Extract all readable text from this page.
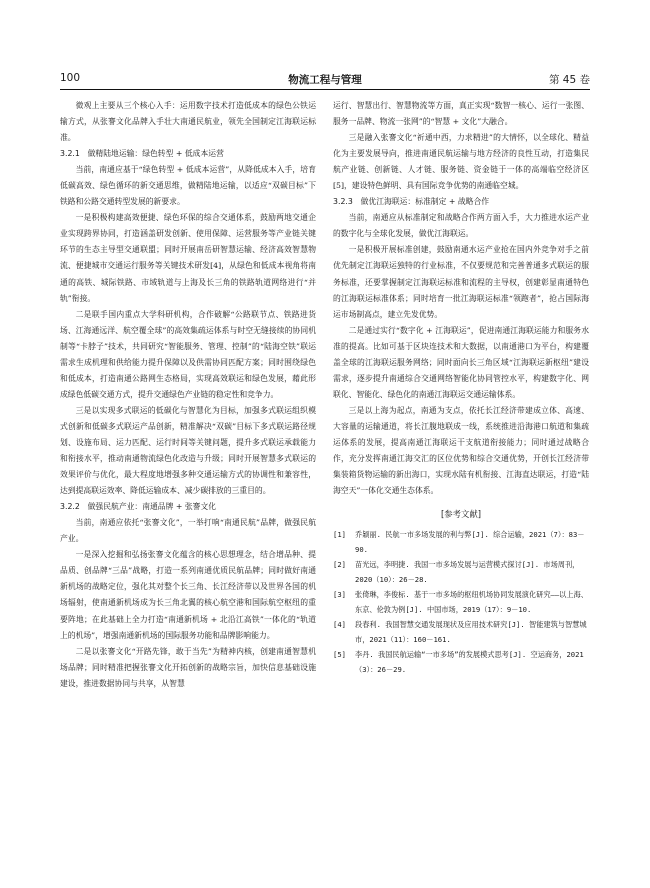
100	物流工程与管理	第 45 卷

微观上主要从三个核心入手：运用数字技术打造低成本的绿色公铁运输方式，从张謇文化品牌入手壮大南通民航业，领先全国制定江海联运标准。

3.2.1　做精陆地运输：绿色转型 + 低成本运营

当前，南通应基于“绿色转型 + 低成本运营”，从降低成本入手，培育低碳高效、绿色循环的新交通思维，做精陆地运输，以适应“双碳目标”下铁路和公路交通转型发展的新要求。

一是积极构建高效便捷、绿色环保的综合交通体系，鼓励两地交通企业实现跨界协同，打造涵盖研发创新、使用保障、运营服务等产业链关键环节的生态主导型交通联盟；同时开展南岳研智慧运输、经济高效智慧物流、便捷城市交通运行服务等关键技术研发[4]，从绿色和低成本视角将南通的高铁、城际铁路、市域轨道与上海及长三角的铁路轨道网络进行“并轨”衔接。

二是联手国内重点大学科研机构，合作破解“公路联节点、铁路进货场、江海通远洋、航空覆全球”的高效集疏运体系与时空无缝接续的协同机制等“卡脖子”技术，共同研究“智能服务、管理、控制”的“陆海空铁”联运需求生成机理和供给能力提升保障以及供需协同匹配方案；同时围绕绿色和低成本，打造南通公路网生态格局，实现高效联运和绿色发展，藉此形成绿色低碳交通方式，提升交通绿色产业链的稳定性和竞争力。

三是以实现多式联运的低碳化与智慧化为目标，加强多式联运组织模式创新和低碳多式联运产品创新，精准解决“双碳”目标下多式联运路径规划、设施布局、运力匹配、运行时间等关键问题，提升多式联运承载能力和衔接水平，推动南通物流绿色化改造与升级；同时开展智慧多式联运的效果评价与优化，最大程度地增强多种交通运输方式的协调性和兼容性，达到提高联运效率、降低运输成本、减少碳排放的三重目的。

3.2.2　做强民航产业：南通品牌 + 张謇文化

当前，南通应依托“张謇文化”，一举打响“南通民航”品牌，做强民航产业。

一是深入挖掘和弘扬张謇文化蕴含的核心思想理念，结合增品种、提品质、创品牌“三品”战略，打造一系列南通优质民航品牌；同时做好南通新机场的战略定位，强化其对整个长三角、长江经济带以及世界各国的机场辐射，使南通新机场成为长三角北翼的核心航空港和国际航空枢纽的重要阵地；在此基础上全力打造“南通新机场 + 北沿江高铁”一体化的“轨道上的机场”，增强南通新机场的国际服务功能和品牌影响能力。

二是以张謇文化“开路先锋，敢于当先”为精神内核，创建南通智慧机场品牌；同时精准把握张謇文化开拓创新的战略宗旨，加快信息基础设施建设，推进数据协同与共享，从智慧

运行、智慧出行、智慧物流等方面，真正实现“数智一核心、运行一张图、服务一品牌、物流一张网”的“智慧 + 文化”大融合。

三是融入张謇文化“祈通中西，力求精进”的大情怀，以全球化、精益化为主要发展导向，推进南通民航运输与地方经济的良性互动，打造集民航产业链、创新链、人才链、服务链、资金链于一体的高端临空经济区[5]，建设特色鲜明、具有国际竞争优势的南通临空城。

3.2.3　做优江海联运：标准制定 + 战略合作

当前，南通应从标准制定和战略合作两方面入手，大力推进水运产业的数字化与全球化发展，做优江海联运。

一是积极开展标准创建，鼓励南通水运产业抢在国内外竞争对手之前优先制定江海联运独特的行业标准，不仅要规范和完善普通多式联运的服务标准，还要掌握制定江海联运标准和流程的主导权，创建彰显南通特色的江海联运标准体系；同时培育一批江海联运标准“领跑者”，抢占国际海运市场制高点，建立先发优势。

二是通过实行“数字化 + 江海联运”，促进南通江海联运能力和服务水准的提高。比如可基于区块连技术和大数据，以南通港口为平台，构建覆盖全球的江海联运服务网络；同时面向长三角区域“江海联运新枢纽”建设需求，逐步提升南通综合交通网络智能化协同管控水平，构建数字化、网联化、智能化、绿色化的南通江海联运交通运输体系。

三是以上海为起点，南通为支点，依托长江经济带建成立体、高速、大容量的运输通道，将长江腹地联成一线，系统推进沿海港口航道和集疏运体系的发展，提高南通江海联运干支航道衔接能力；同时通过战略合作，充分发挥南通江海交汇的区位优势和综合交通优势，开创长江经济带集装箱货物运输的新出海口，实现水陆有机衔接、江海直达联运，打造“陆海空天”一体化交通生态体系。

[参考文献]
[1]	乔颖丽. 民航一市多场发展的利与弊[J]. 综合运输，2021（7）：83－90.
[2]	苗光远，李明捷. 我国一市多场发展与运营模式探讨[J]. 市场周刊，2020（10）：26－28.
[3]	张倚琳，李俊标. 基于一市多场的枢纽机场协同发展演化研究——以上海、东京、伦敦为例[J]. 中国市场，2019（17）：9－10.
[4]	段春利. 我国智慧交通发展现状及应用技术研究[J]. 智能建筑与智慧城市，2021（11）：160－161.
[5]	李丹. 我国民航运输“一市多场”的发展模式思考[J]. 空运商务，2021（3）：26－29.
